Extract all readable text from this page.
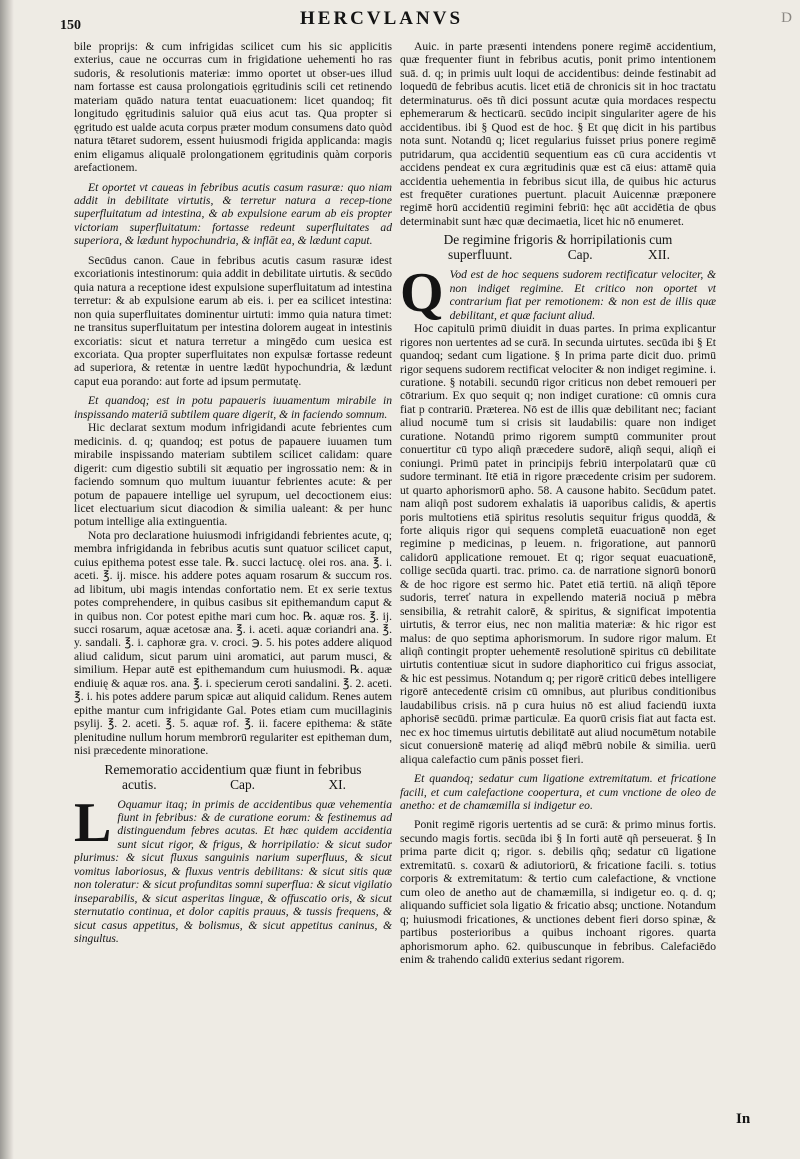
150	HERCVLANVS	D

bile proprijs: & cum infrigidas scilicet cum his sic applicitis exterius, caue ne occurras cum in frigidatione uehementi ho ras sudoris, & resolutionis materiæ: immo oportet ut obser-ues illud nam fortasse est causa prolongatiois ęgritudinis scili cet retinendo materiam quādo natura tentat euacuationem: licet quandoq; fit longitudo ęgritudinis saluior quā eius acut tas. Qua propter si ęgritudo est ualde acuta corpus præter modum consumens dato quòd natura tētaret sudorem, essent huiusmodi frigida applicanda: magis enim eligamus aliqualē prolongationem ęgritudinis quàm corporis arefactionem.

Et oportet vt caueas in febribus acutis casum rasuræ: quo niam addit in debilitate virtutis, & terretur natura a recep-tione superfluitatum ad intestina, & ab expulsione earum ab eis propter victoriam superfluitatum: fortasse redeunt superfluitates ad superiora, & lædunt hypochundria, & inflāt ea, & lædunt caput.

Secūdus canon. Caue in febribus acutis casum rasuræ idest excoriationis intestinorum: quia addit in debilitate uirtutis. & secūdo quia natura a receptione idest expulsione superfluitatum ad intestina terretur: & ab expulsione earum ab eis. i. per ea scilicet intestina: non quia superfluitates dominentur uirtuti: immo quia natura timet: ne transitus superfluitatum per intestina dolorem augeat in intestinis excoriatis: sicut et natura terretur a mingēdo cum uesica est excoriata. Qua propter superfluitates non expulsæ fortasse redeunt ad superiora, & retentæ in uentre lædūt hypochundria, & lædunt caput eua porando: aut forte ad ipsum permutatę.

Et quandoq; est in potu papaueris iuuamentum mirabile in inspissando materiā subtilem quare digerit, & in faciendo somnum.

Hic declarat sextum modum infrigidandi acute febrientes cum medicinis. d. q; quandoq; est potus de papauere iuuamen tum mirabile inspissando materiam subtilem scilicet calidam: quare digerit: cum digestio subtili sit æquatio per ingrossatio nem: & in faciendo somnum quo multum iuuantur febrientes acute: & per potum de papauere intellige uel syrupum, uel decoctionem eius: licet electuarium sicut diacodion & similia ualeant: & per hunc potum intellige alia extinguentia.

Nota pro declaratione huiusmodi infrigidandi febrientes acute, q; membra infrigidanda in febribus acutis sunt quatuor scilicet caput, cuius epithema potest esse tale. ℞. succi lactucę. olei ros. ana. ℥. i. aceti. ℥. ij. misce. his addere potes aquam rosarum & succum ros. ad libitum, ubi magis intendas confortatio nem. Et ex serie textus potes comprehendere, in quibus casibus sit epithemandum caput & in quibus non. Cor potest epithe mari cum hoc. ℞. aquæ ros. ℥. ij. succi rosarum, aquæ acetosæ ana. ℥. i. aceti. aquæ coriandri ana. ℥. y. sandali. ℥. i. caphoræ gra. v. croci. ℈. 5. his potes addere aliquod aliud calidum, sicut parum uini aromatici, aut parum musci, & similium. Hepar autē est epithemandum cum huiusmodi. ℞. aquæ endiuię & aquæ ros. ana. ℥. i. specierum ceroti sandalini. ℥. 2. aceti. ℥. i. his potes addere parum spicæ aut aliquid calidum. Renes autem epithe mantur cum infrigidante Gal. Potes etiam cum mucillaginis psylij. ℥. 2. aceti. ℥. 5. aquæ rof. ℥. ii. facere epithema: & stāte plenitudine nullum horum membrorū regulariter est epitheman dum, nisi præcedente minoratione.

Rememoratio accidentium quæ fiunt in febribus
acutis.	Cap.	XI.
L Oquamur itaq; in primis de accidentibus quæ vehementia fiunt in febribus: & de curatione eorum: & festinemus ad distinguendum febres acutas. Et hæc quidem accidentia sunt sicut rigor, & frigus, & horripilatio: & sicut sudor plurimus: & sicut fluxus sanguinis narium superfluus, & sicut vomitus laboriosus, & fluxus ventris debilitans: & sicut sitis quæ non toleratur: & sicut profunditas somni superflua: & sicut vigilatio inseparabilis, & sicut asperitas linguæ, & offuscatio oris, & sicut sternutatio continua, et dolor capitis prauus, & tussis frequens, & sicut casus appetitus, & bolismus, & sicut appetitus caninus, & singultus.

Auic. in parte præsenti intendens ponere regimē accidentium, quæ frequenter fiunt in febribus acutis, ponit primo intentionem suā. d. q; in primis uult loqui de accidentibus: deinde festinabit ad loquedū de febribus acutis. licet etiā de chronicis sit in hoc tractatu determinaturus. oēs tñ dici possunt acutæ quia mordaces respectu ephemerarum & hecticarū. secūdo incipit singulariter agere de his accidentibus. ibi § Quod est de hoc. § Et quę dicit in his partibus nota sunt. Notandū q; licet regularius fuisset prius ponere regimē putridarum, qua accidentiū sequentium eas cū cura accidentis vt accidens pendeat ex cura ægritudinis quæ est cā eius: attamē quia accidentia uehementia in febribus sicut illa, de quibus hic acturus est frequēter curationes puertunt. placuit Auicennæ præponere regimē horū accidentiū regimini febriū: hęc aūt accidētia de qbus determinabit sunt hæc quæ decimaetia, licet hic nō enumeret.

De regimine frigoris & horripilationis cum
superfluunt.	Cap.	XII.
Q Vod est de hoc sequens sudorem rectificatur velociter, & non indiget regimine. Et critico non oportet vt contrarium fiat per remotionem: & non est de illis quæ debilitant, et quæ faciunt aliud.

Hoc capitulū primū diuidit in duas partes. In prima explicantur rigores non uertentes ad se curā. In secunda uirtutes. secūda ibi § Et quandoq; sedant cum ligatione. § In prima parte dicit duo. primū rigor sequens sudorem rectificat velociter & non indiget regimine. i. curatione. § notabili. secundū rigor criticus non debet remoueri per cōtrarium. Ex quo sequit q; non indiget curatione: cū omnis cura fiat p contrariū. Præterea. Nō est de illis quæ debilitant nec; faciant aliud nocumē tum si crisis sit laudabilis: quare non indiget curatione. Notandū primo rigorem sumptū communiter prout conuertitur cū typo aliqñ præcedere sudorē, aliqñ sequi, aliqñ ei coniungi. Primū patet in principijs febriū interpolatarū quæ cū sudore terminant. Itē etiā in rigore præcedente crisim per sudorem. ut quarto aphorismorū apho. 58. A causone habito. Secūdum patet. nam aliqñ post sudorem exhalatis iā uaporibus calidis, & apertis poris multotiens etiā spiritus resolutis sequitur frigus quoddā, & forte aliquis rigor qui sequens completā euacuationē non eget regimine p medicinas, p leuem. n. frigoratione, aut pannorū calidorū applicatione remouet. Et q; rigor sequat euacuationē, collige secūda quarti. trac. primo. ca. de narratione signorū bonorū & de hoc rigore est sermo hic. Patet etiā tertiū. nā aliqñ tēpore sudoris, terreť natura in expellendo materiā nociuā p mēbra sensibilia, & retrahit calorē, & spiritus, & significat impotentia uirtutis, & terror eius, nec non malitia materiæ: & hic rigor est malus: de quo septima aphorismorum. In sudore rigor malum. Et aliqñ contingit propter uehementē resolutionē spiritus cū debilitate uirtutis contentiuæ sicut in sudore diaphoritico cui frigus associat, & hic est pessimus. Notandum q; per rigorē criticū debes intelligere rigorē antecedentē crisim cū omnibus, aut pluribus conditionibus laudabilibus crisis. nā p cura huius nō est aliud faciendū iuxta aphorisē secūdū. primæ particulæ. Ea quorū crisis fiat aut facta est. nec ex hoc timemus uirtutis debilitatē aut aliud nocumētum notabile sicut conuersionē materię ad aliqđ mēbrū nobile & similia. uerū aliqua calefactio cum pānis posset fieri.

Et quandoq; sedatur cum ligatione extremitatum. et fricatione facili, et cum calefactione coopertura, et cum vnctione de oleo de anetho: et de chamæmilla si indigetur eo.

Ponit regimē rigoris uertentis ad se curā: & primo minus fortis. secundo magis fortis. secūda ibi § In forti autē qñ perseuerat. § In prima parte dicit q; rigor. s. debilis qñq; sedatur cū ligatione extremitatū. s. coxarū & adiutoriorū, & fricatione facili. s. totius corporis & extremitatum: & tertio cum calefactione, & vnctione cum oleo de anetho aut de chamæmilla, si indigetur eo. q. d. q; aliquando sufficiet sola ligatio & fricatio absq; unctione. Notandum q; huiusmodi fricationes, & unctiones debent fieri dorso spinæ, & partibus posterioribus a quibus inchoant rigores. quarta aphorismorum apho. 62. quibuscunque in febribus. Calefaciēdo enim & trahendo calidū exterius sedant rigorem.

In
